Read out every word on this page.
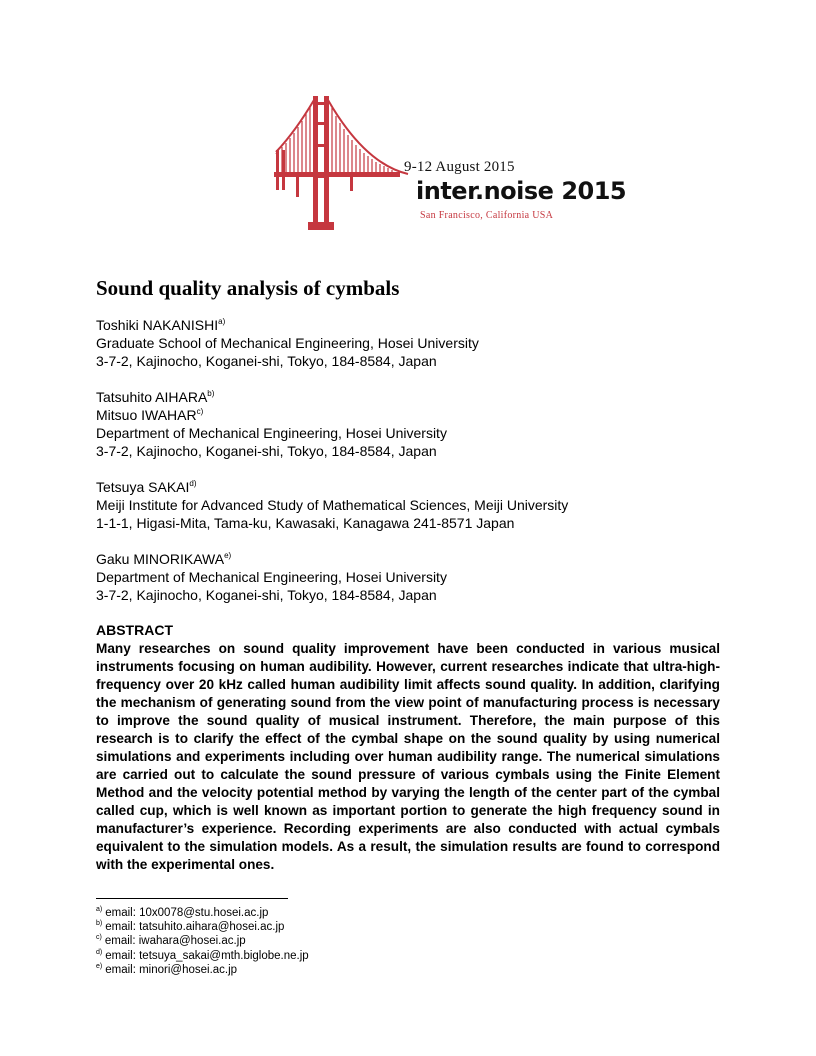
9-12 August 2015
inter.noise 2015
San Francisco, California USA
Sound quality analysis of cymbals
Toshiki NAKANISHI$^{a)}$
Graduate School of Mechanical Engineering, Hosei University
3-7-2, Kajinocho, Koganei-shi, Tokyo, 184-8584, Japan
Tatsuhito AIHARA$^{b)}$
Mitsuo IWAHAR$^{c)}$
Department of Mechanical Engineering, Hosei University
3-7-2, Kajinocho, Koganei-shi, Tokyo, 184-8584, Japan
Tetsuya SAKAI$^{d)}$
Meiji Institute for Advanced Study of Mathematical Sciences, Meiji University
1-1-1, Higasi-Mita, Tama-ku, Kawasaki, Kanagawa 241-8571 Japan
Gaku MINORIKAWA$^{e)}$
Department of Mechanical Engineering, Hosei University
3-7-2, Kajinocho, Koganei-shi, Tokyo, 184-8584, Japan
ABSTRACT

Many researches on sound quality improvement have been conducted in various musical instruments focusing on human audibility. However, current researches indicate that ultra-high-frequency over 20 kHz called human audibility limit affects sound quality. In addition, clarifying the mechanism of generating sound from the view point of manufacturing process is necessary to improve the sound quality of musical instrument. Therefore, the main purpose of this research is to clarify the effect of the cymbal shape on the sound quality by using numerical simulations and experiments including over human audibility range. The numerical simulations are carried out to calculate the sound pressure of various cymbals using the Finite Element Method and the velocity potential method by varying the length of the center part of the cymbal called cup, which is well known as important portion to generate the high frequency sound in manufacturer’s experience. Recording experiments are also conducted with actual cymbals equivalent to the simulation models. As a result, the simulation results are found to correspond with the experimental ones.

$^{a)}$ email: 10x0078@stu.hosei.ac.jp
$^{b)}$ email: tatsuhito.aihara@hosei.ac.jp
$^{c)}$ email: iwahara@hosei.ac.jp
$^{d)}$ email: tetsuya_sakai@mth.biglobe.ne.jp
$^{e)}$ email: minori@hosei.ac.jp
